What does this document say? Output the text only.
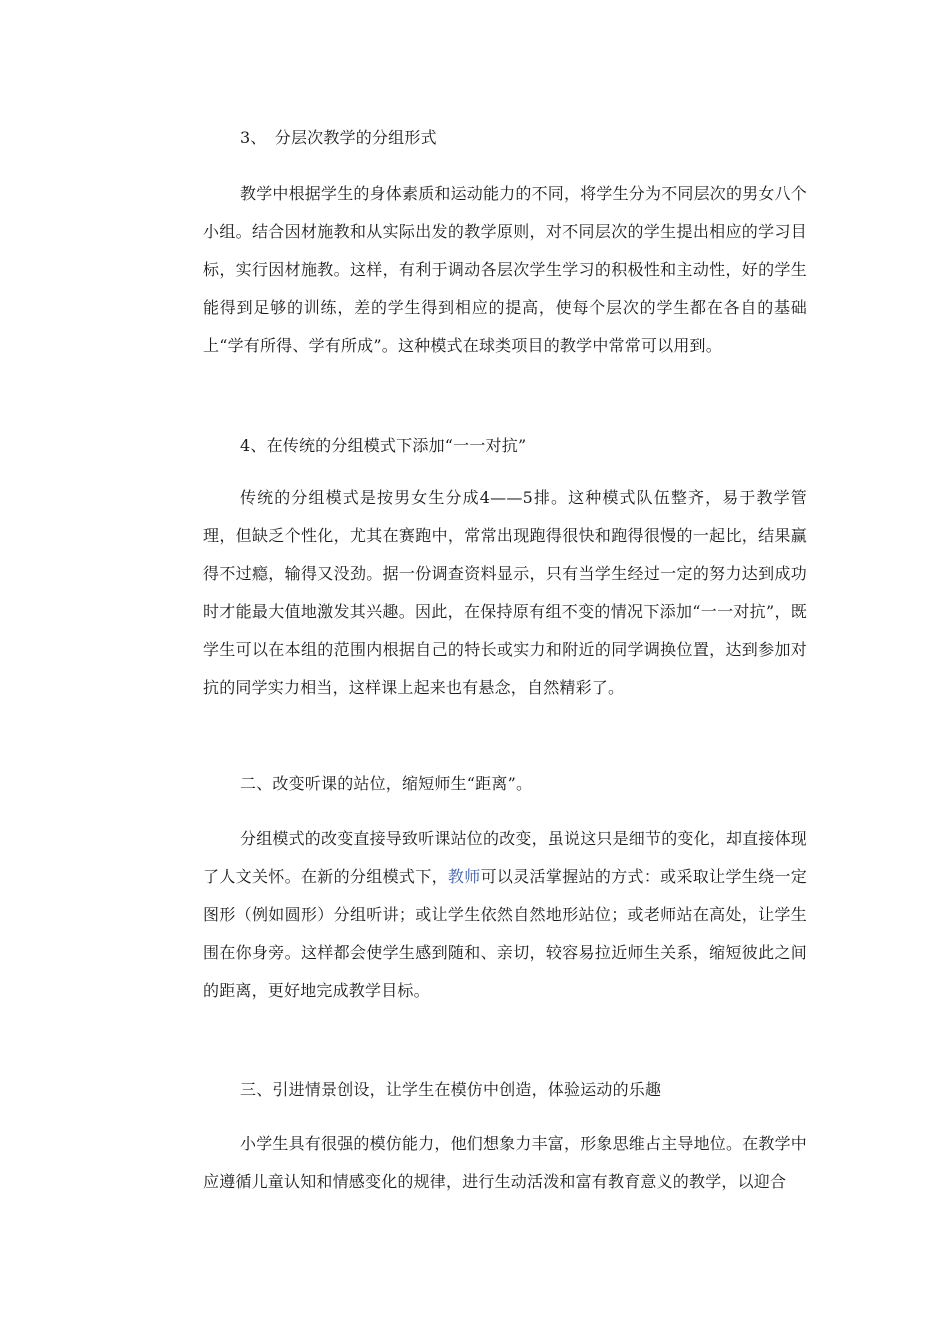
3、　分层次教学的分组形式
教学中根据学生的身体素质和运动能力的不同，将学生分为不同层次的男女八个小组。结合因材施教和从实际出发的教学原则，对不同层次的学生提出相应的学习目标，实行因材施教。这样，有利于调动各层次学生学习的积极性和主动性，好的学生能得到足够的训练，差的学生得到相应的提高，使每个层次的学生都在各自的基础上“学有所得、学有所成”。这种模式在球类项目的教学中常常可以用到。
4、在传统的分组模式下添加“一一对抗”
传统的分组模式是按男女生分成4——5排。这种模式队伍整齐，易于教学管理，但缺乏个性化，尤其在赛跑中，常常出现跑得很快和跑得很慢的一起比，结果赢得不过瘾，输得又没劲。据一份调查资料显示，只有当学生经过一定的努力达到成功时才能最大值地激发其兴趣。因此，在保持原有组不变的情况下添加“一一对抗”，既学生可以在本组的范围内根据自己的特长或实力和附近的同学调换位置，达到参加对抗的同学实力相当，这样课上起来也有悬念，自然精彩了。
二、改变听课的站位，缩短师生“距离”。
分组模式的改变直接导致听课站位的改变，虽说这只是细节的变化，却直接体现了人文关怀。在新的分组模式下，教师可以灵活掌握站的方式：或采取让学生绕一定图形（例如圆形）分组听讲；或让学生依然自然地形站位；或老师站在高处，让学生围在你身旁。这样都会使学生感到随和、亲切，较容易拉近师生关系，缩短彼此之间的距离，更好地完成教学目标。
三、引进情景创设，让学生在模仿中创造，体验运动的乐趣
小学生具有很强的模仿能力，他们想象力丰富，形象思维占主导地位。在教学中应遵循儿童认知和情感变化的规律，进行生动活泼和富有教育意义的教学，以迎合
